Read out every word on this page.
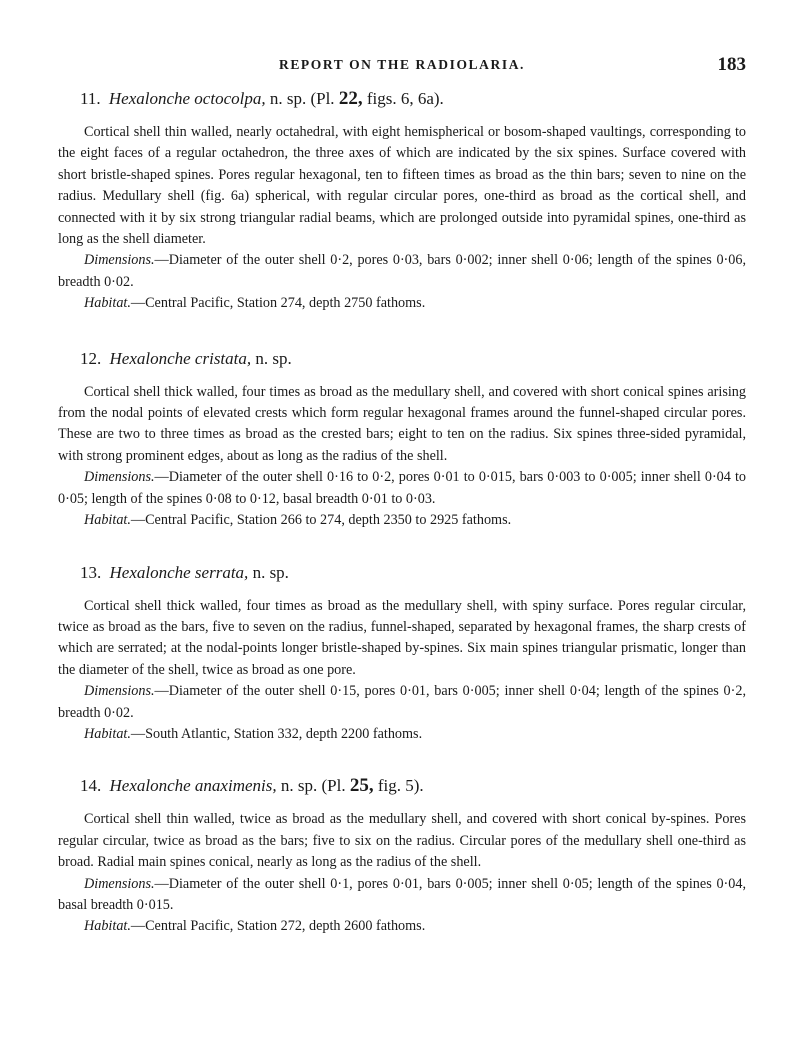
REPORT ON THE RADIOLARIA.	183
11. Hexalonche octocolpa, n. sp. (Pl. 22, figs. 6, 6a).

Cortical shell thin walled, nearly octahedral, with eight hemispherical or bosom-shaped vaultings, corresponding to the eight faces of a regular octahedron, the three axes of which are indicated by the six spines. Surface covered with short bristle-shaped spines. Pores regular hexagonal, ten to fifteen times as broad as the thin bars; seven to nine on the radius. Medullary shell (fig. 6a) spherical, with regular circular pores, one-third as broad as the cortical shell, and connected with it by six strong triangular radial beams, which are prolonged outside into pyramidal spines, one-third as long as the shell diameter.

Dimensions.—Diameter of the outer shell 0·2, pores 0·03, bars 0·002; inner shell 0·06; length of the spines 0·06, breadth 0·02.

Habitat.—Central Pacific, Station 274, depth 2750 fathoms.

12. Hexalonche cristata, n. sp.

Cortical shell thick walled, four times as broad as the medullary shell, and covered with short conical spines arising from the nodal points of elevated crests which form regular hexagonal frames around the funnel-shaped circular pores. These are two to three times as broad as the crested bars; eight to ten on the radius. Six spines three-sided pyramidal, with strong prominent edges, about as long as the radius of the shell.

Dimensions.—Diameter of the outer shell 0·16 to 0·2, pores 0·01 to 0·015, bars 0·003 to 0·005; inner shell 0·04 to 0·05; length of the spines 0·08 to 0·12, basal breadth 0·01 to 0·03.

Habitat.—Central Pacific, Station 266 to 274, depth 2350 to 2925 fathoms.

13. Hexalonche serrata, n. sp.

Cortical shell thick walled, four times as broad as the medullary shell, with spiny surface. Pores regular circular, twice as broad as the bars, five to seven on the radius, funnel-shaped, separated by hexagonal frames, the sharp crests of which are serrated; at the nodal-points longer bristle-shaped by-spines. Six main spines triangular prismatic, longer than the diameter of the shell, twice as broad as one pore.

Dimensions.—Diameter of the outer shell 0·15, pores 0·01, bars 0·005; inner shell 0·04; length of the spines 0·2, breadth 0·02.

Habitat.—South Atlantic, Station 332, depth 2200 fathoms.

14. Hexalonche anaximenis, n. sp. (Pl. 25, fig. 5).

Cortical shell thin walled, twice as broad as the medullary shell, and covered with short conical by-spines. Pores regular circular, twice as broad as the bars; five to six on the radius. Circular pores of the medullary shell one-third as broad. Radial main spines conical, nearly as long as the radius of the shell.

Dimensions.—Diameter of the outer shell 0·1, pores 0·01, bars 0·005; inner shell 0·05; length of the spines 0·04, basal breadth 0·015.

Habitat.—Central Pacific, Station 272, depth 2600 fathoms.
